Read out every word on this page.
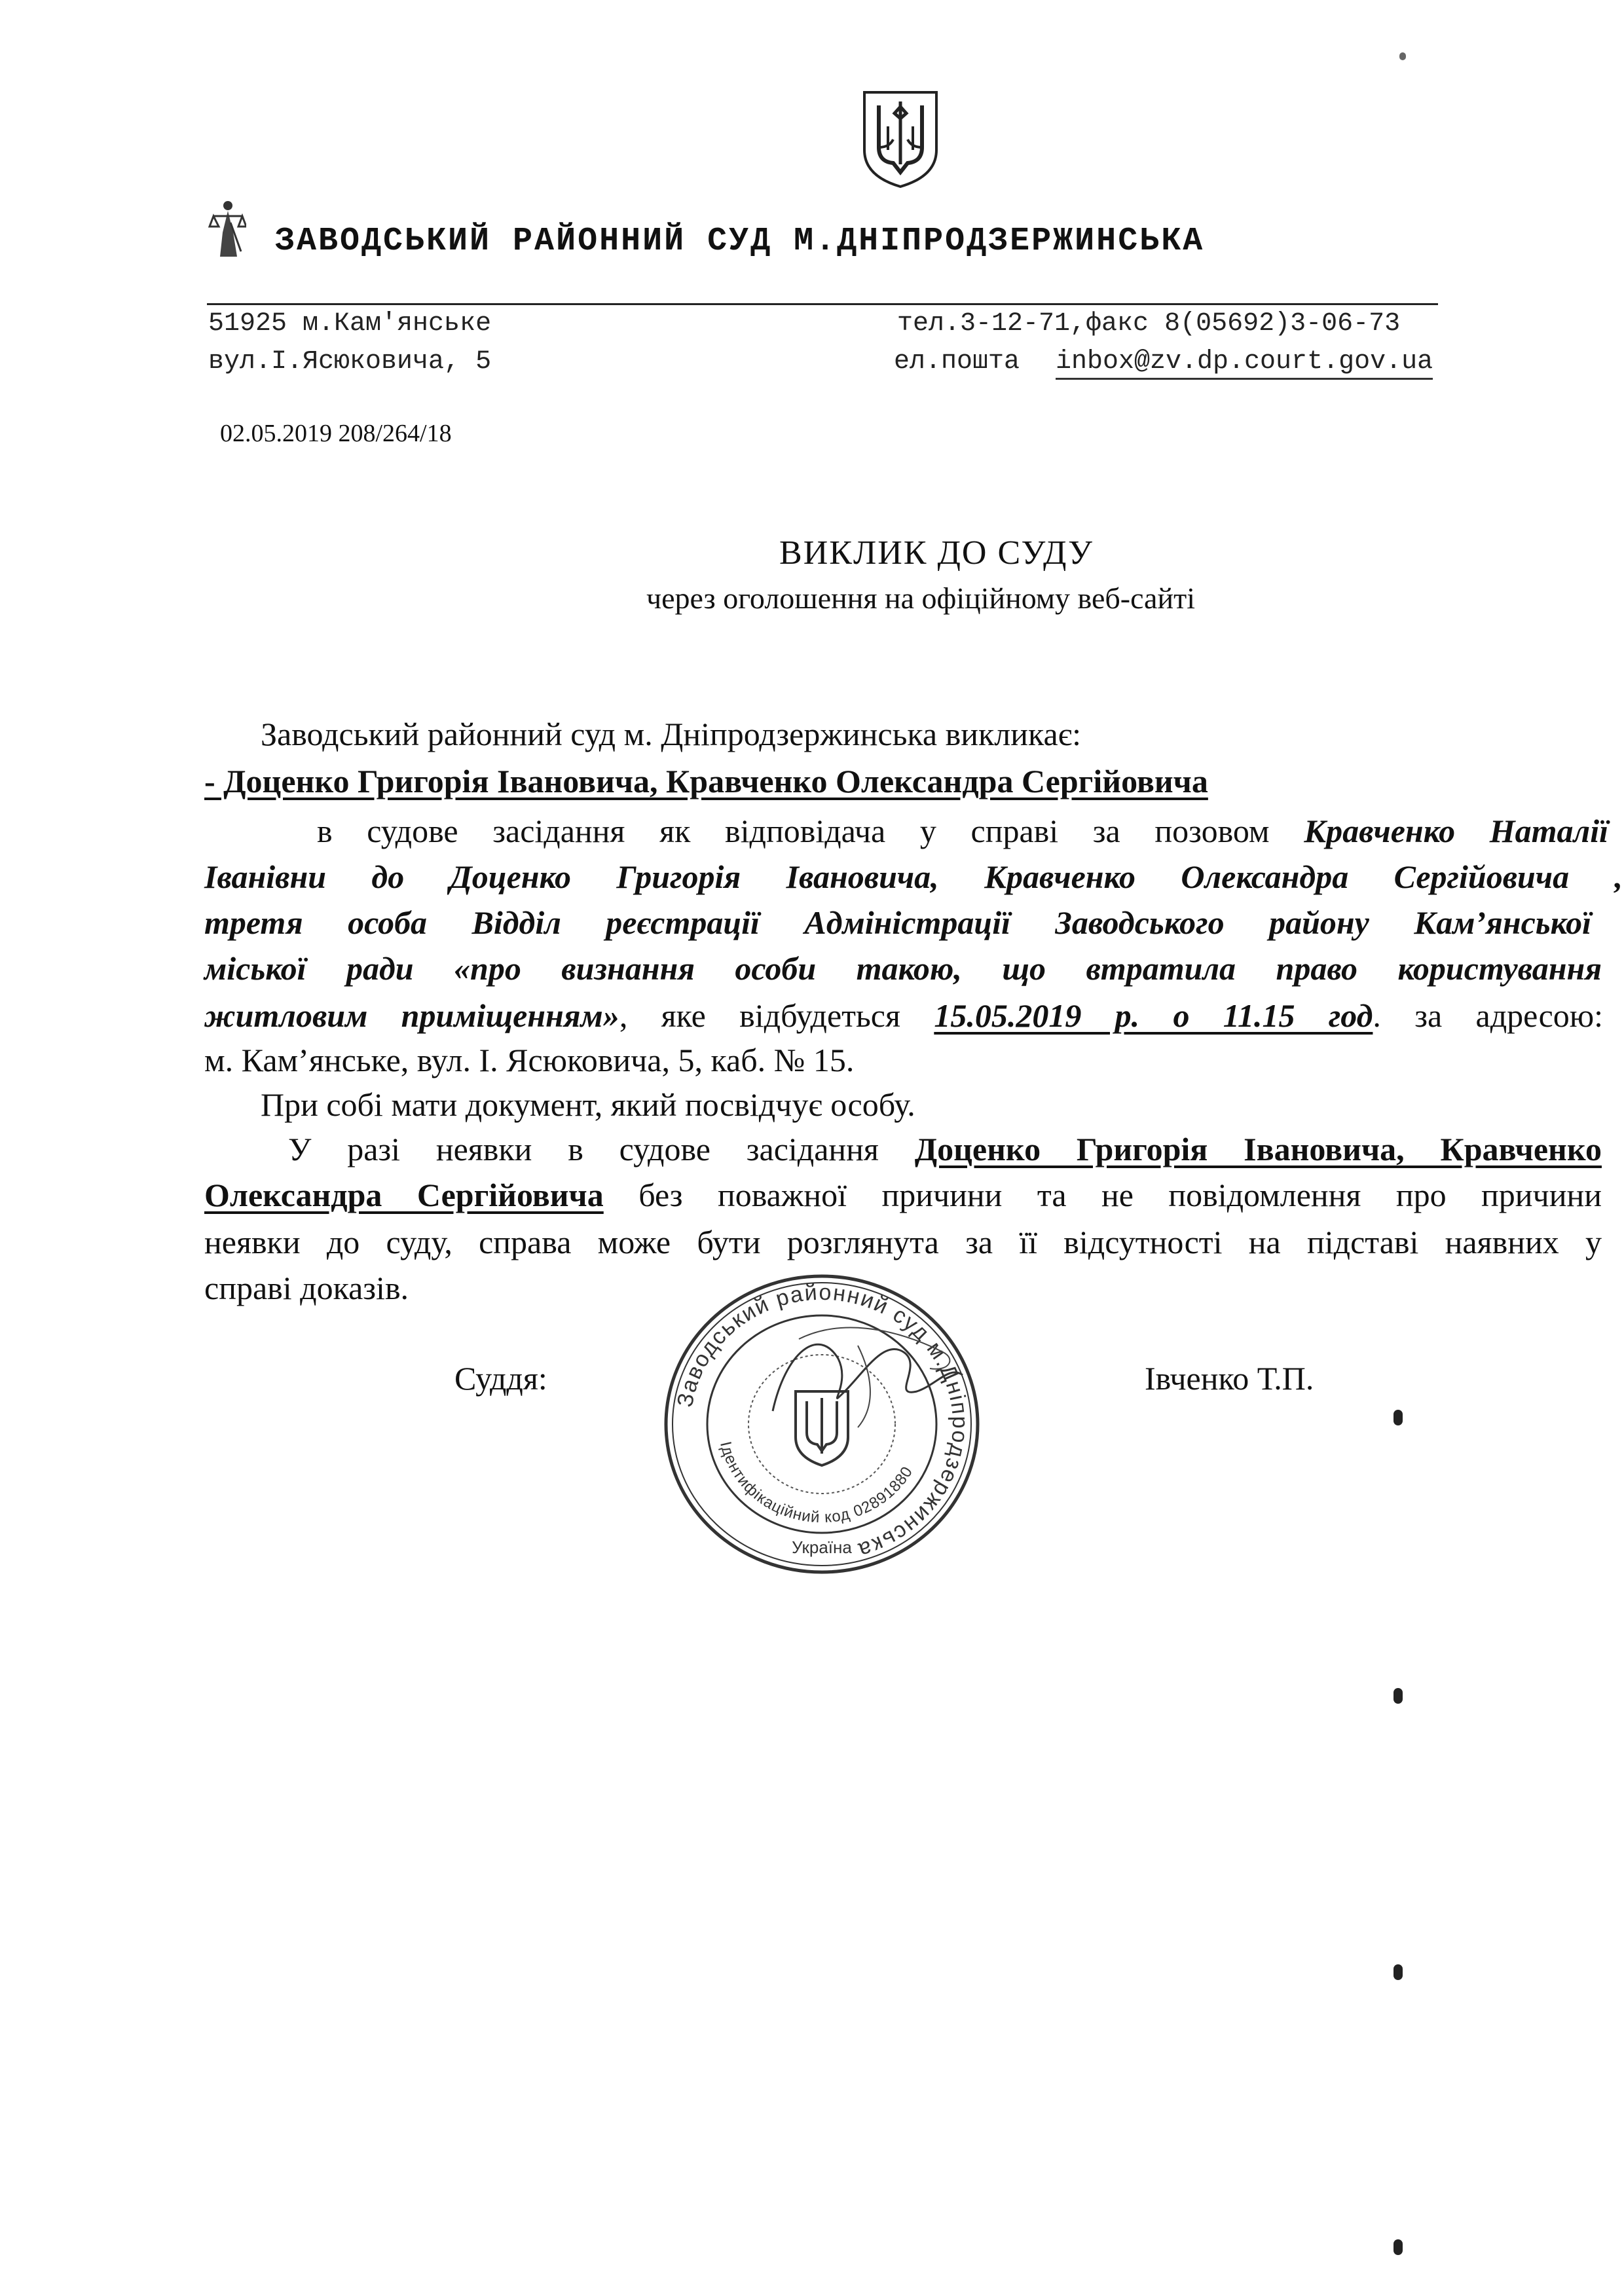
ЗАВОДСЬКИЙ РАЙОННИЙ СУД М.ДНІПРОДЗЕРЖИНСЬКА
51925 м.Кам'янське
вул.І.Ясюковича, 5
тел.3-12-71,факс 8(05692)3-06-73
ел.пошта inbox@zv.dp.court.gov.ua
02.05.2019 208/264/18
ВИКЛИК ДО СУДУ
через оголошення на офіційному веб-сайті
Заводський районний суд м. Дніпродзержинська викликає:
- Доценко Григорія Івановича, Кравченко Олександра Сергійовича
в судове засідання як відповідача у справі за позовом Кравченко Наталії
Іванівни до Доценко Григорія Івановича, Кравченко Олександра Сергійовича ,
третя особа Відділ реєстрації Адміністрації Заводського району Кам’янської
міської ради «про визнання особи такою, що втратила право користування
житловим приміщенням», яке відбудеться 15.05.2019 р. о 11.15 год. за адресою:
м. Кам’янське, вул. І. Ясюковича, 5, каб. № 15.
При собі мати документ, який посвідчує особу.
У разі неявки в судове засідання Доценко Григорія Івановича, Кравченко
Олександра Сергійовича без поважної причини та не повідомлення про причини
неявки до суду, справа може бути розглянута за її відсутності на підставі наявних у
справі доказів.
Суддя:	Івченко Т.П.
Заводський районний суд м.Дніпродзержинська
Ідентифікаційний код 02891880
Україна
